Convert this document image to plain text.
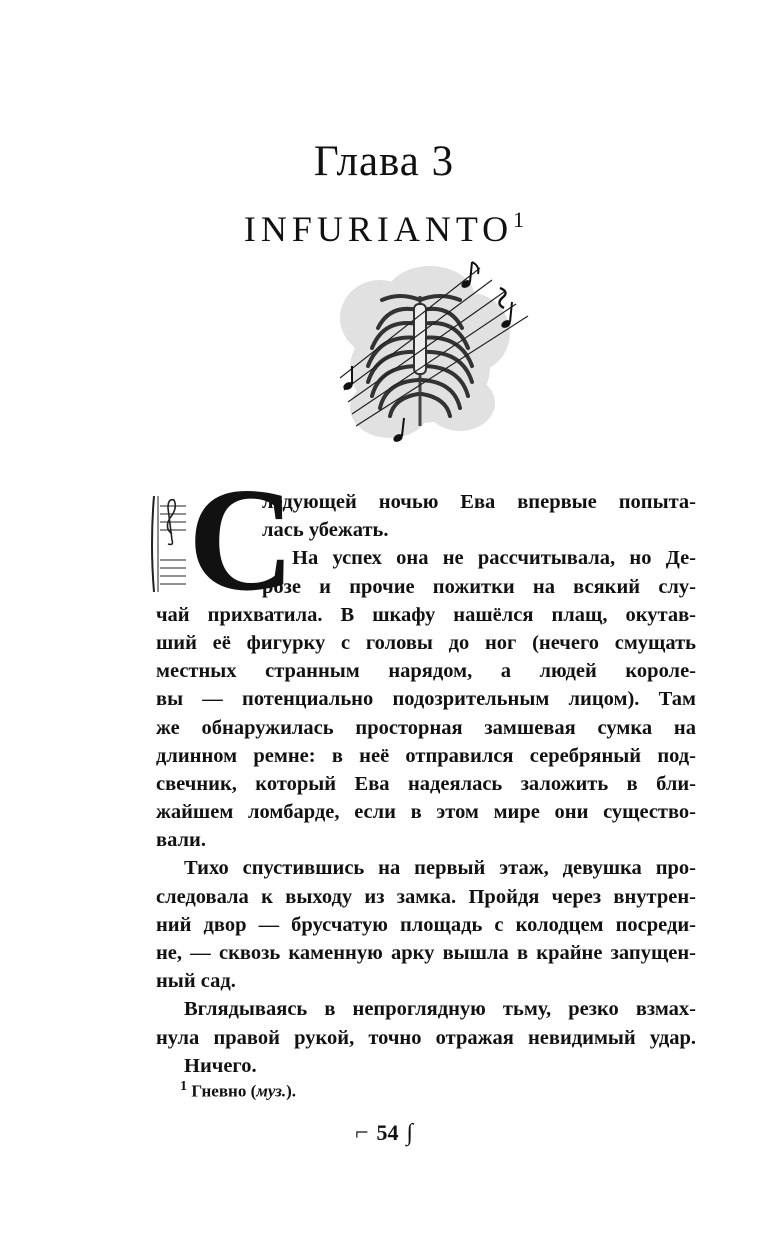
Глава 3
INFURIANTO$^1$
С
ледующей ночью Ева впервые попыта-
лась убежать.
На успех она не рассчитывала, но Де-
розе и прочие пожитки на всякий слу-
чай прихватила. В шкафу нашёлся плащ, окутав-
ший её фигурку с головы до ног (нечего смущать
местных странным нарядом, а людей короле-
вы — потенциально подозрительным лицом). Там
же обнаружилась просторная замшевая сумка на
длинном ремне: в неё отправился серебряный под-
свечник, который Ева надеялась заложить в бли-
жайшем ломбарде, если в этом мире они существо-
вали.
Тихо спустившись на первый этаж, девушка про-
следовала к выходу из замка. Пройдя через внутрен-
ний двор — брусчатую площадь с колодцем посреди-
не, — сквозь каменную арку вышла в крайне запущен-
ный сад.
Вглядываясь в непроглядную тьму, резко взмах-
нула правой рукой, точно отражая невидимый удар.
Ничего.
$^1$ Гневно (муз.).
⌐ 54 ∫
